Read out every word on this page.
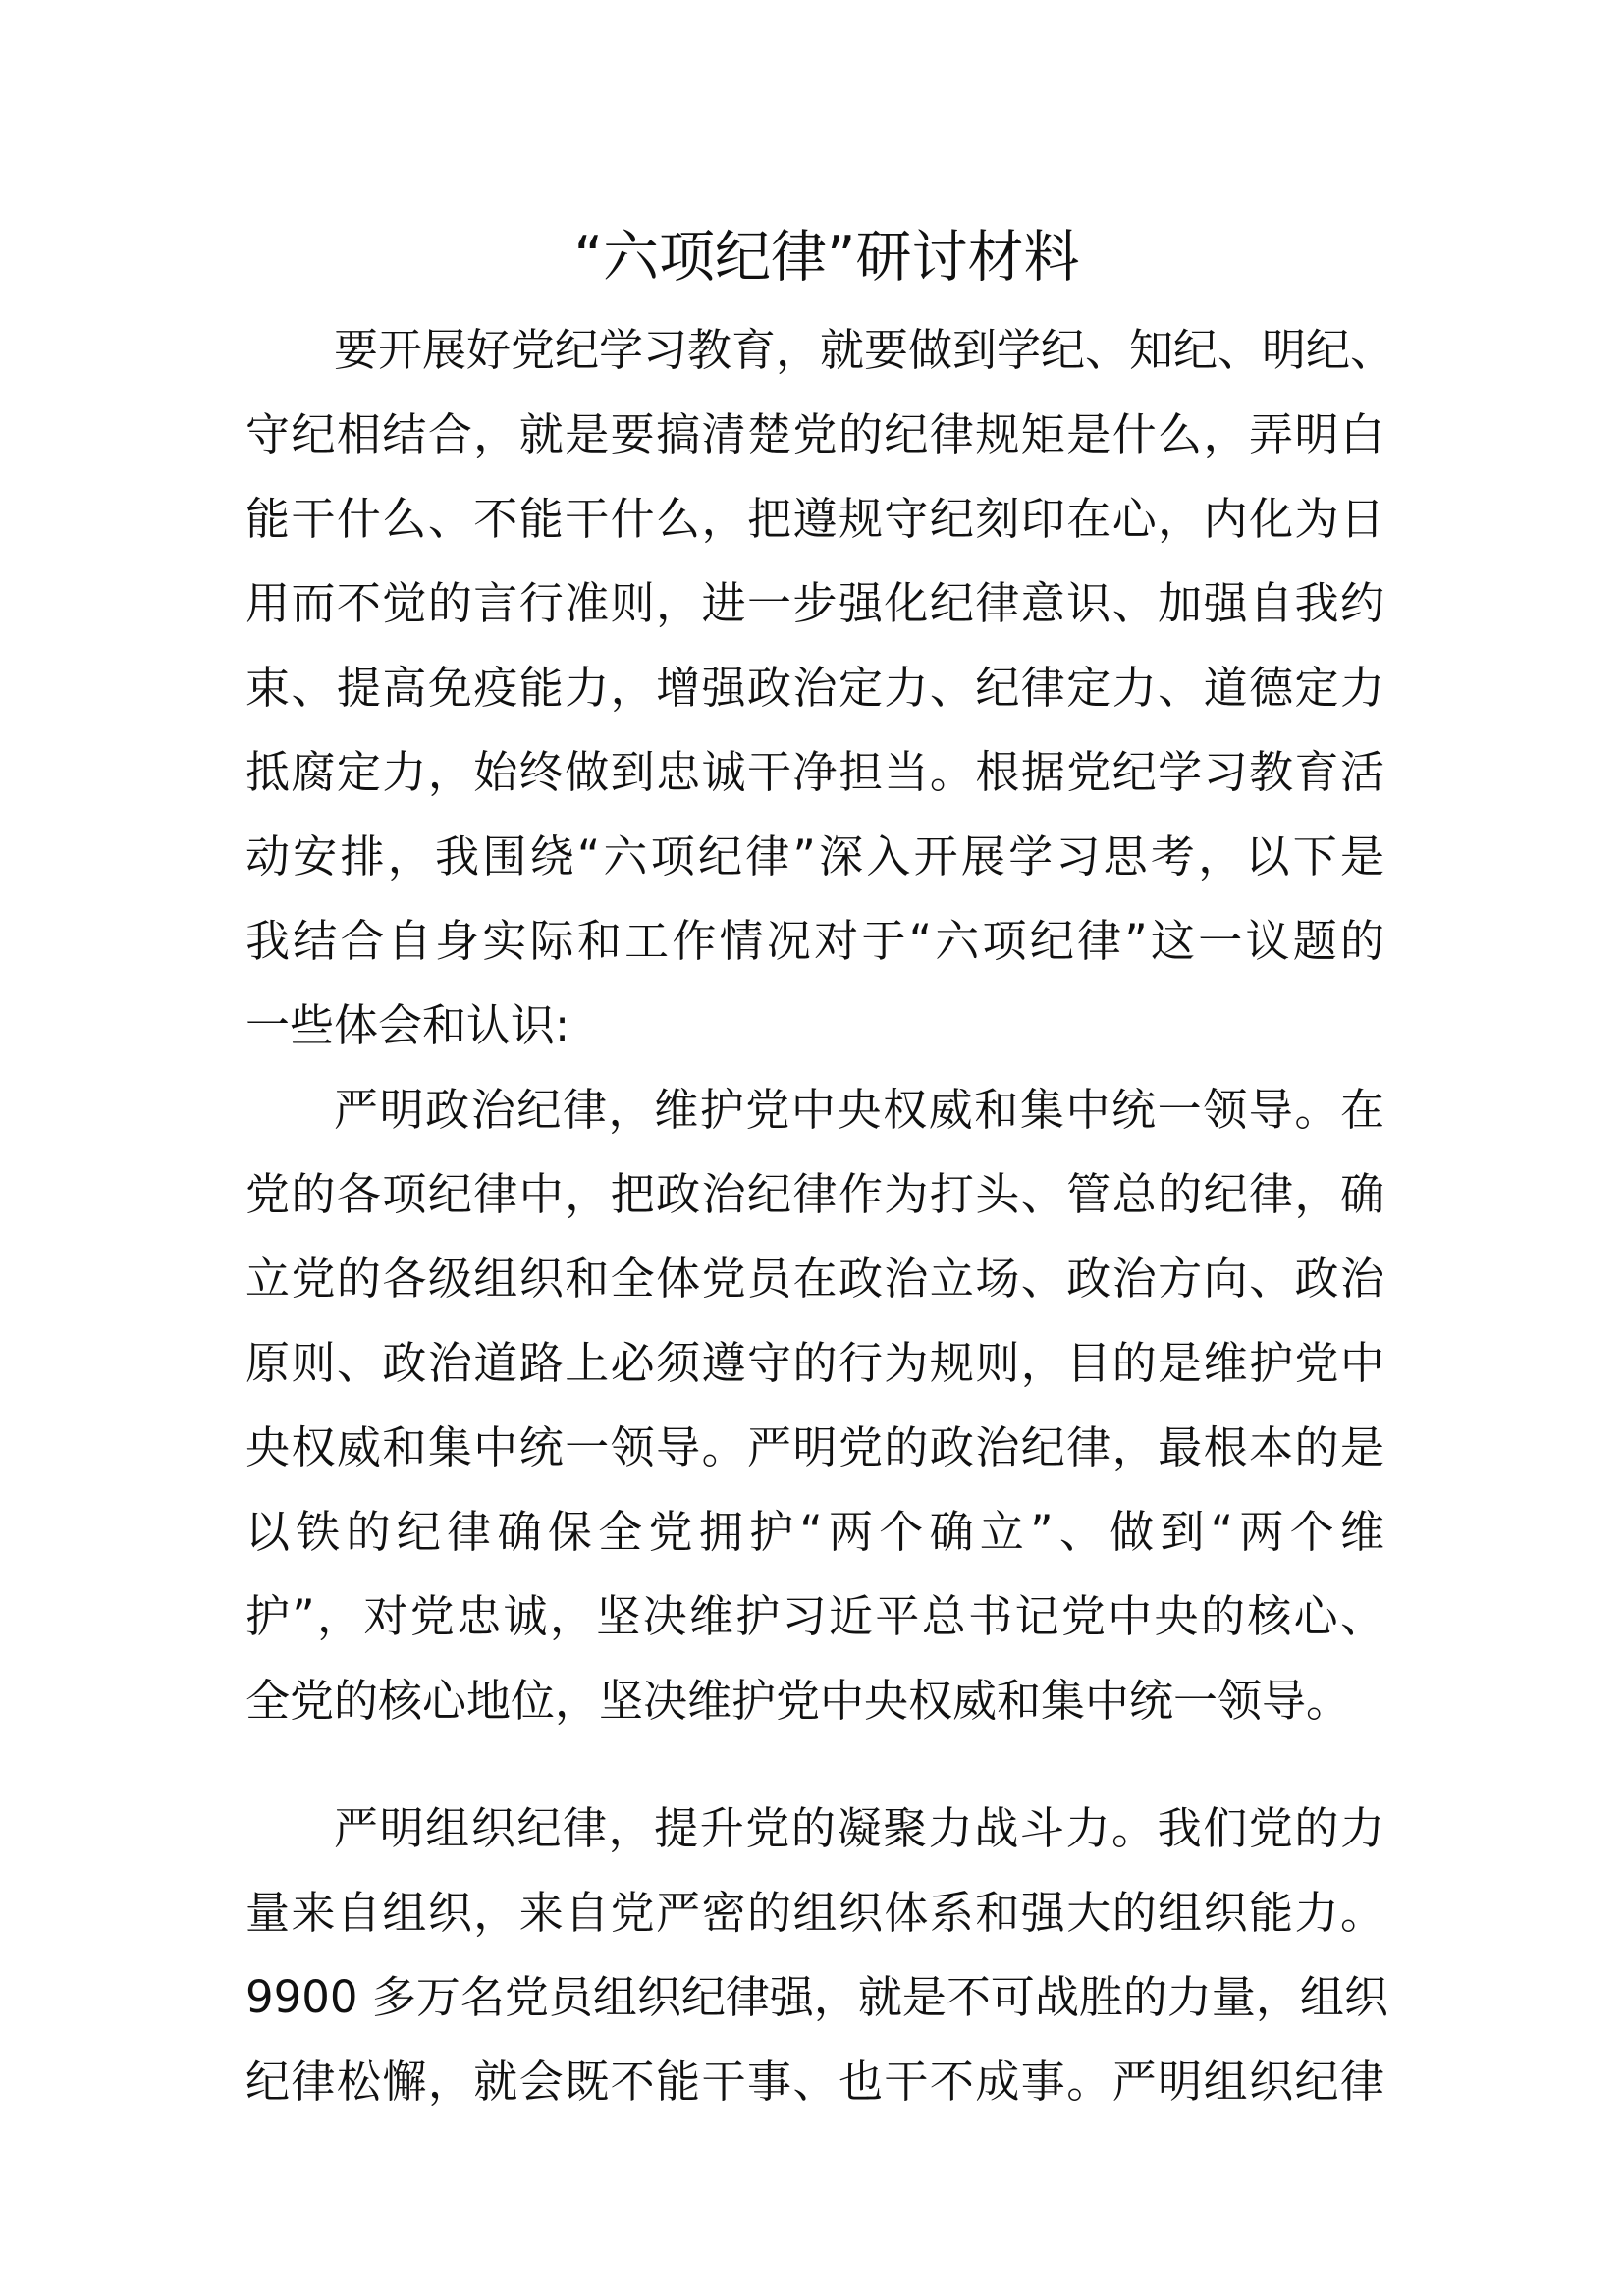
“六项纪律”研讨材料
要开展好党纪学习教育，就要做到学纪、知纪、明纪、
守纪相结合，就是要搞清楚党的纪律规矩是什么，弄明白
能干什么、不能干什么，把遵规守纪刻印在心，内化为日
用而不觉的言行准则，进一步强化纪律意识、加强自我约
束、提高免疫能力，增强政治定力、纪律定力、道德定力
抵腐定力，始终做到忠诚干净担当。根据党纪学习教育活
动安排，我围绕“六项纪律”深入开展学习思考，以下是
我结合自身实际和工作情况对于“六项纪律”这一议题的
一些体会和认识:
严明政治纪律，维护党中央权威和集中统一领导。在
党的各项纪律中，把政治纪律作为打头、管总的纪律，确
立党的各级组织和全体党员在政治立场、政治方向、政治
原则、政治道路上必须遵守的行为规则，目的是维护党中
央权威和集中统一领导。严明党的政治纪律，最根本的是
以铁的纪律确保全党拥护“两个确立”、做到“两个维
护”，对党忠诚，坚决维护习近平总书记党中央的核心、
全党的核心地位，坚决维护党中央权威和集中统一领导。
严明组织纪律，提升党的凝聚力战斗力。我们党的力
量来自组织，来自党严密的组织体系和强大的组织能力。
9900 多万名党员组织纪律强，就是不可战胜的力量，组织
纪律松懈，就会既不能干事、也干不成事。严明组织纪律
